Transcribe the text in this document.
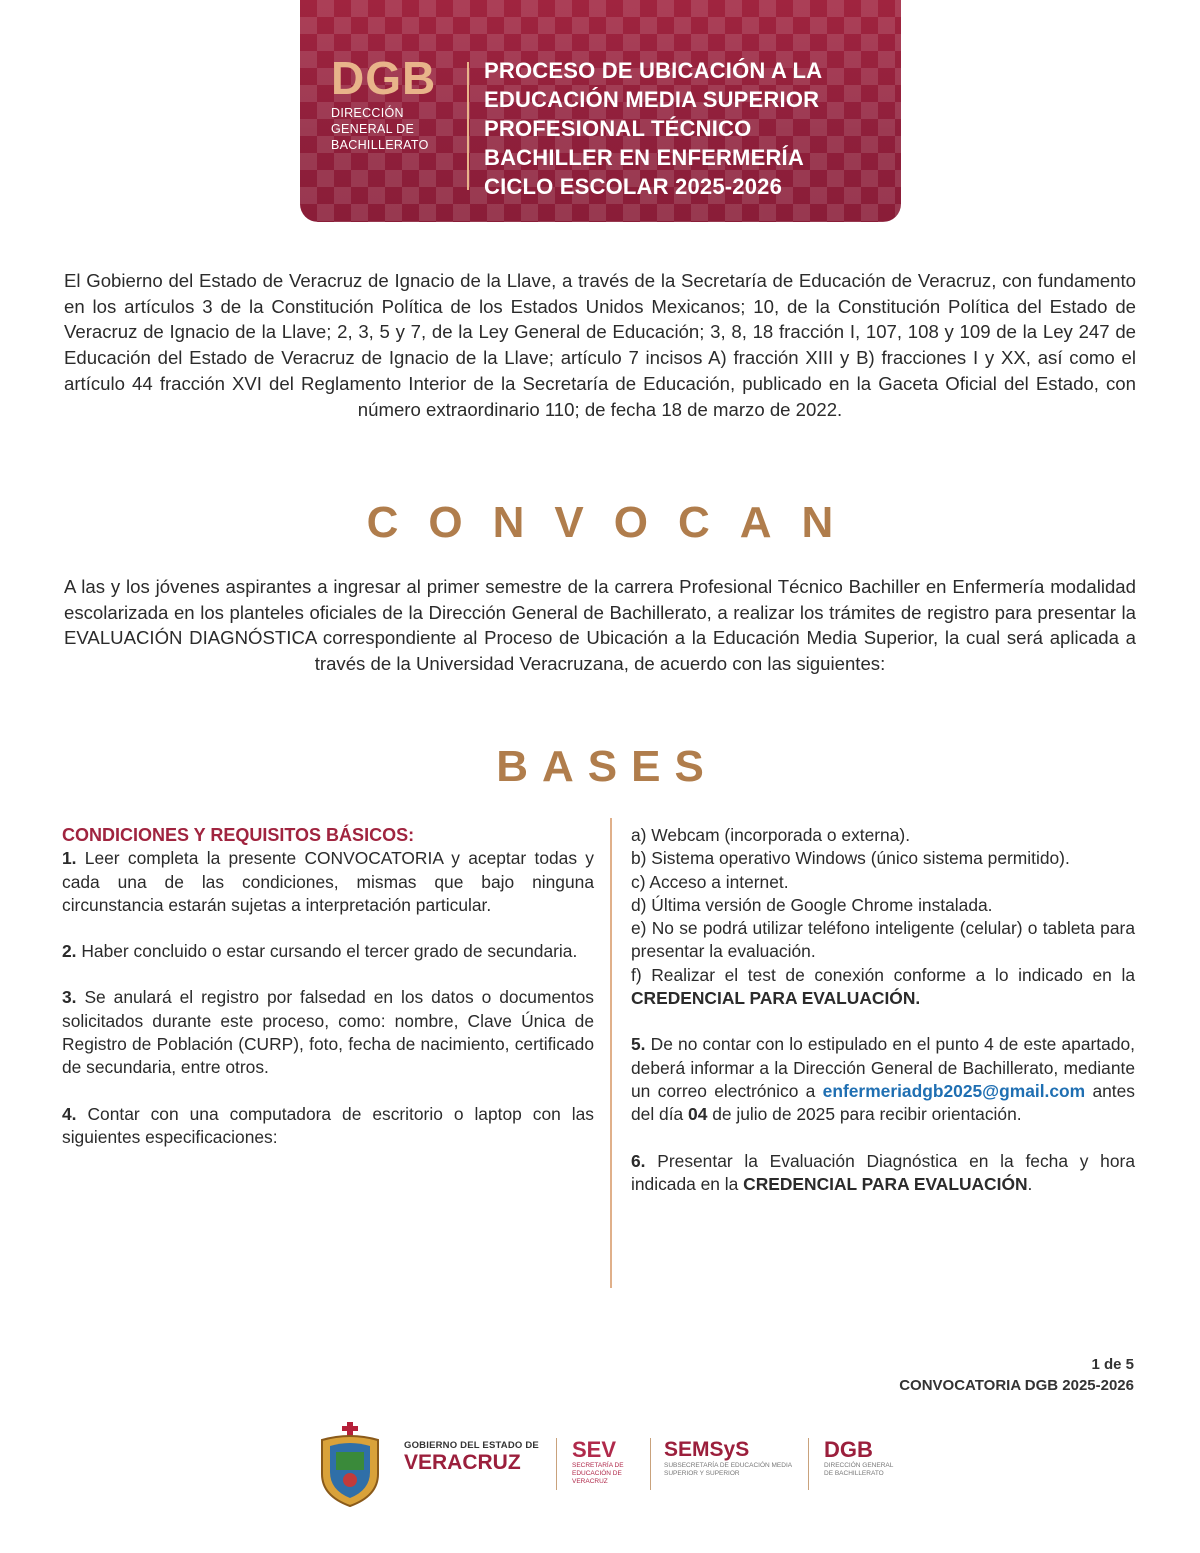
DGB
DIRECCIÓN
GENERAL DE
BACHILLERATO
PROCESO DE UBICACIÓN A LA
EDUCACIÓN MEDIA SUPERIOR
PROFESIONAL TÉCNICO
BACHILLER EN ENFERMERÍA
CICLO ESCOLAR 2025-2026
El Gobierno del Estado de Veracruz de Ignacio de la Llave, a través de la Secretaría de Educación de Veracruz, con fundamento en los artículos 3 de la Constitución Política de los Estados Unidos Mexicanos; 10, de la Constitución Política del Estado de Veracruz de Ignacio de la Llave; 2, 3, 5 y 7, de la Ley General de Educación; 3, 8, 18 fracción I, 107, 108 y 109 de la Ley 247 de Educación del Estado de Veracruz de Ignacio de la Llave; artículo 7 incisos A) fracción XIII y B) fracciones I y XX, así como el artículo 44 fracción XVI del Reglamento Interior de la Secretaría de Educación, publicado en la Gaceta Oficial del Estado, con número extraordinario 110; de fecha 18 de marzo de 2022.
CONVOCAN
A las y los jóvenes aspirantes a ingresar al primer semestre de la carrera Profesional Técnico Bachiller en Enfermería modalidad escolarizada en los planteles oficiales de la Dirección General de Bachillerato, a realizar los trámites de registro para presentar la EVALUACIÓN DIAGNÓSTICA correspondiente al Proceso de Ubicación a la Educación Media Superior, la cual será aplicada a través de la Universidad Veracruzana, de acuerdo con las siguientes:
BASES
CONDICIONES Y REQUISITOS BÁSICOS:

1. Leer completa la presente CONVOCATORIA y aceptar todas y cada una de las condiciones, mismas que bajo ninguna circunstancia estarán sujetas a interpretación particular.

2. Haber concluido o estar cursando el tercer grado de secundaria.

3. Se anulará el registro por falsedad en los datos o documentos solicitados durante este proceso, como: nombre, Clave Única de Registro de Población (CURP), foto, fecha de nacimiento, certificado de secundaria, entre otros.

4. Contar con una computadora de escritorio o laptop con las siguientes especificaciones:

a) Webcam (incorporada o externa).

b) Sistema operativo Windows (único sistema permitido).

c) Acceso a internet.

d) Última versión de Google Chrome instalada.

e) No se podrá utilizar teléfono inteligente (celular) o tableta para presentar la evaluación.

f) Realizar el test de conexión conforme a lo indicado en la CREDENCIAL PARA EVALUACIÓN.

5. De no contar con lo estipulado en el punto 4 de este apartado, deberá informar a la Dirección General de Bachillerato, mediante un correo electrónico a enfermeriadgb2025@gmail.com antes del día 04 de julio de 2025 para recibir orientación.

6. Presentar la Evaluación Diagnóstica en la fecha y hora indicada en la CREDENCIAL PARA EVALUACIÓN.

1 de 5
CONVOCATORIA DGB 2025-2026
GOBIERNO DEL ESTADO DE
VERACRUZ
SEV
SECRETARÍA DE EDUCACIÓN DE VERACRUZ
SEMSyS
SUBSECRETARÍA DE EDUCACIÓN MEDIA SUPERIOR Y SUPERIOR
DGB
DIRECCIÓN GENERAL DE BACHILLERATO
